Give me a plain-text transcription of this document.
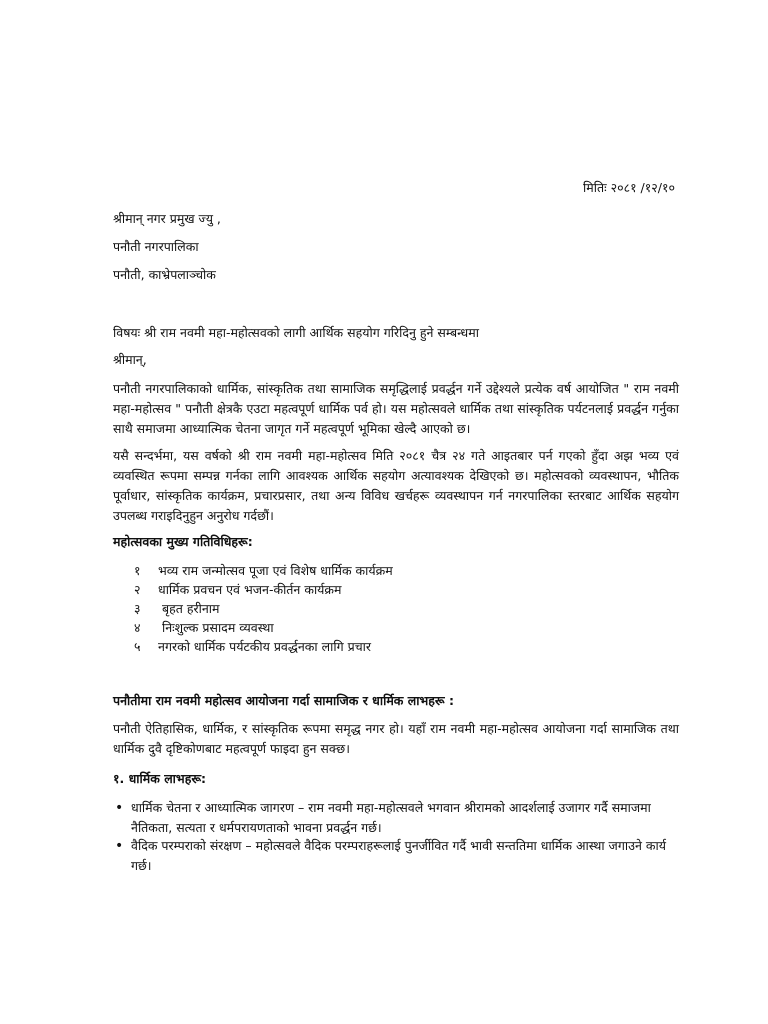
मितिः २०८१ /१२/१०
श्रीमान् नगर प्रमुख ज्यु ,
पनौती नगरपालिका
पनौती, काभ्रेपलाञ्चोक
विषयः श्री राम नवमी महा-महोत्सवको लागी आर्थिक सहयोग गरिदिनु हुने सम्बन्धमा
श्रीमान्,
पनौती नगरपालिकाको धार्मिक, सांस्कृतिक तथा सामाजिक समृद्धिलाई प्रवर्द्धन गर्ने उद्देश्यले प्रत्येक वर्ष आयोजित " राम नवमी महा-महोत्सव " पनौती क्षेत्रकै एउटा महत्वपूर्ण धार्मिक पर्व हो। यस महोत्सवले धार्मिक तथा सांस्कृतिक पर्यटनलाई प्रवर्द्धन गर्नुका साथै समाजमा आध्यात्मिक चेतना जागृत गर्ने महत्वपूर्ण भूमिका खेल्दै आएको छ।
यसै सन्दर्भमा, यस वर्षको श्री राम नवमी महा-महोत्सव मिति २०८१ चैत्र २४ गते आइतबार पर्न गएको हुँदा अझ भव्य एवं व्यवस्थित रूपमा सम्पन्न गर्नका लागि आवश्यक आर्थिक सहयोग अत्यावश्यक देखिएको छ। महोत्सवको व्यवस्थापन, भौतिक पूर्वाधार, सांस्कृतिक कार्यक्रम, प्रचारप्रसार, तथा अन्य विविध खर्चहरू व्यवस्थापन गर्न नगरपालिका स्तरबाट आर्थिक सहयोग उपलब्ध गराइदिनुहुन अनुरोध गर्दछौं।
महोत्सवका मुख्य गतिविधिहरू:
१ भव्य राम जन्मोत्सव पूजा एवं विशेष धार्मिक कार्यक्रम
२ धार्मिक प्रवचन एवं भजन-कीर्तन कार्यक्रम
३ बृहत हरीनाम
४ निःशुल्क प्रसादम व्यवस्था
५ नगरको धार्मिक पर्यटकीय प्रवर्द्धनका लागि प्रचार
पनौतीमा राम नवमी महोत्सव आयोजना गर्दा सामाजिक र धार्मिक लाभहरू :
पनौती ऐतिहासिक, धार्मिक, र सांस्कृतिक रूपमा समृद्ध नगर हो। यहाँ राम नवमी महा-महोत्सव आयोजना गर्दा सामाजिक तथा धार्मिक दुवै दृष्टिकोणबाट महत्वपूर्ण फाइदा हुन सक्छ।
१. धार्मिक लाभहरू:
• धार्मिक चेतना र आध्यात्मिक जागरण – राम नवमी महा-महोत्सवले भगवान श्रीरामको आदर्शलाई उजागर गर्दै समाजमा नैतिकता, सत्यता र धर्मपरायणताको भावना प्रवर्द्धन गर्छ।
• वैदिक परम्पराको संरक्षण – महोत्सवले वैदिक परम्पराहरूलाई पुनर्जीवित गर्दै भावी सन्ततिमा धार्मिक आस्था जगाउने कार्य गर्छ।
